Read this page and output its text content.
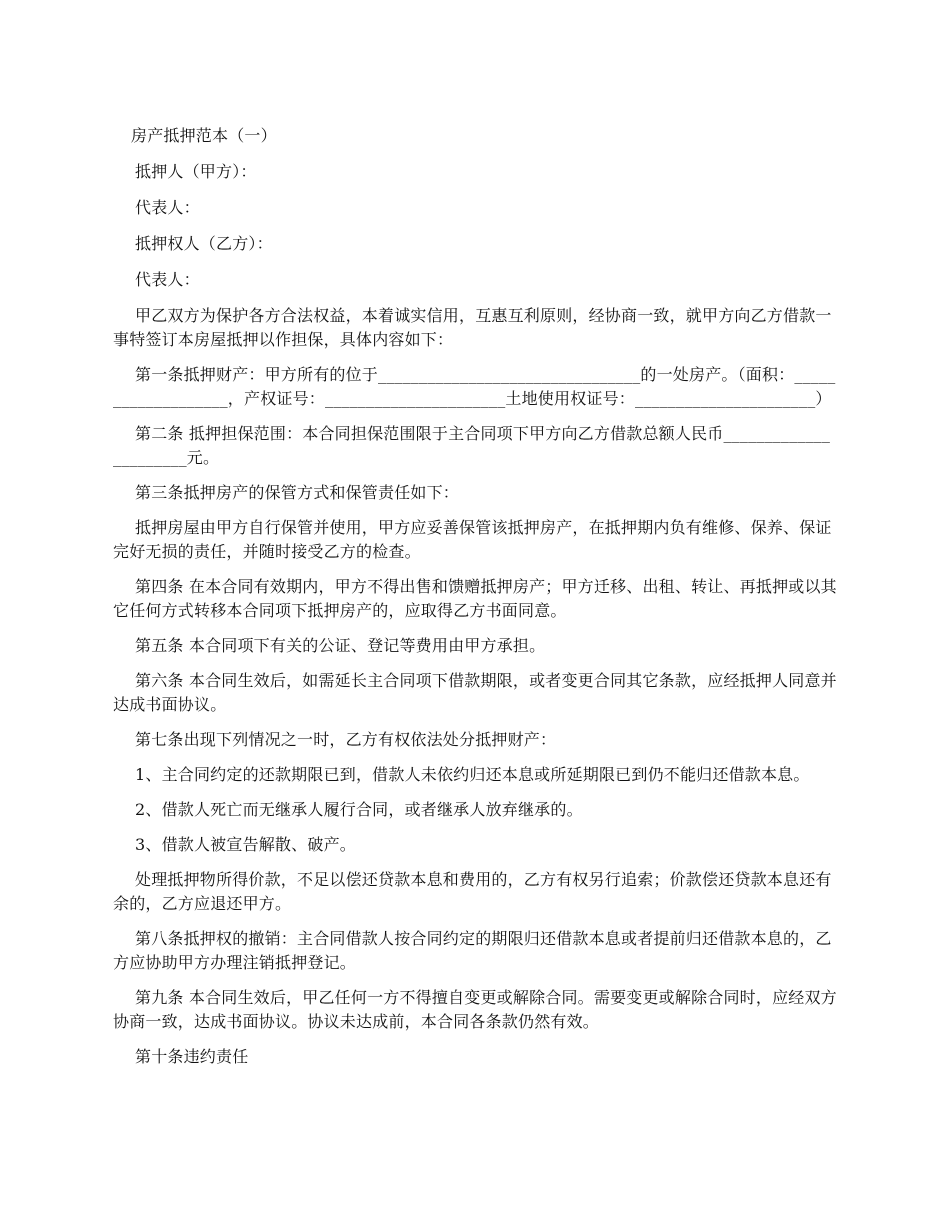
房产抵押范本（一）

抵押人（甲方）：

代表人：

抵押权人（乙方）：

代表人：

甲乙双方为保护各方合法权益，本着诚实信用，互惠互利原则，经协商一致，就甲方向乙方借款一事特签订本房屋抵押以作担保，具体内容如下：

第一条抵押财产：甲方所有的位于________________________________的一处房产。（面积：___________________，产权证号：______________________土地使用权证号：______________________）

第二条 抵押担保范围：本合同担保范围限于主合同项下甲方向乙方借款总额人民币______________________元。

第三条抵押房产的保管方式和保管责任如下：

抵押房屋由甲方自行保管并使用，甲方应妥善保管该抵押房产，在抵押期内负有维修、保养、保证完好无损的责任，并随时接受乙方的检查。

第四条 在本合同有效期内，甲方不得出售和馈赠抵押房产；甲方迁移、出租、转让、再抵押或以其它任何方式转移本合同项下抵押房产的，应取得乙方书面同意。

第五条 本合同项下有关的公证、登记等费用由甲方承担。

第六条 本合同生效后，如需延长主合同项下借款期限，或者变更合同其它条款，应经抵押人同意并达成书面协议。

第七条出现下列情况之一时，乙方有权依法处分抵押财产：

1、主合同约定的还款期限已到，借款人未依约归还本息或所延期限已到仍不能归还借款本息。

2、借款人死亡而无继承人履行合同，或者继承人放弃继承的。

3、借款人被宣告解散、破产。

处理抵押物所得价款，不足以偿还贷款本息和费用的，乙方有权另行追索；价款偿还贷款本息还有余的，乙方应退还甲方。

第八条抵押权的撤销：主合同借款人按合同约定的期限归还借款本息或者提前归还借款本息的，乙方应协助甲方办理注销抵押登记。

第九条 本合同生效后，甲乙任何一方不得擅自变更或解除合同。需要变更或解除合同时，应经双方协商一致，达成书面协议。协议未达成前，本合同各条款仍然有效。

第十条违约责任
